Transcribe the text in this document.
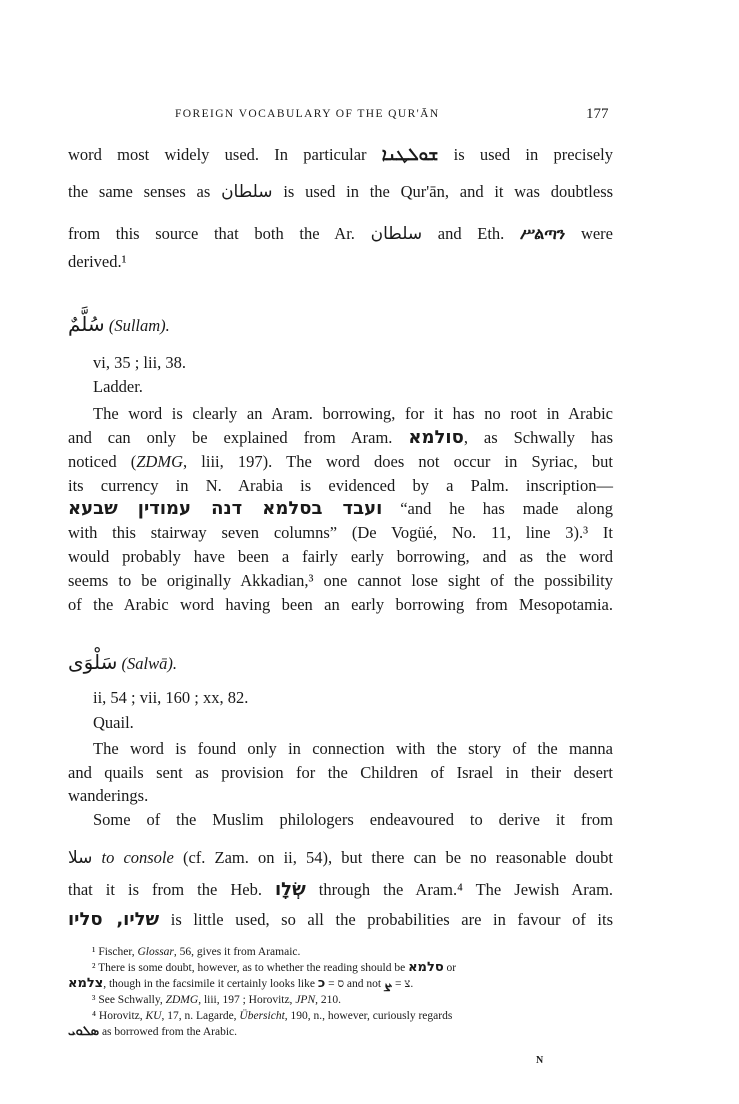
FOREIGN VOCABULARY OF THE QUR'ĀN	177
word most widely used. In particular ܫܘܠܛܢܐ is used in precisely
the same senses as سلطان is used in the Qur'ān, and it was doubtless
from this source that both the Ar. سلطان and Eth. ሥልጣን were
derived.¹
سُلَّمٌ (Sullam).
vi, 35 ; lii, 38.
Ladder.
The word is clearly an Aram. borrowing, for it has no root in Arabic
and can only be explained from Aram. סולמא, as Schwally has
noticed (ZDMG, liii, 197). The word does not occur in Syriac, but
its currency in N. Arabia is evidenced by a Palm. inscription—
ועבד בסלמא דנה עמודין שבעא “and he has made along
with this stairway seven columns” (De Vogüé, No. 11, line 3).³ It
would probably have been a fairly early borrowing, and as the word
seems to be originally Akkadian,³ one cannot lose sight of the possibility
of the Arabic word having been an early borrowing from Mesopotamia.
سَلْوَى (Salwā).
ii, 54 ; vii, 160 ; xx, 82.
Quail.
The word is found only in connection with the story of the manna
and quails sent as provision for the Children of Israel in their desert
wanderings.
Some of the Muslim philologers endeavoured to derive it from
سلا to console (cf. Zam. on ii, 54), but there can be no reasonable doubt
that it is from the Heb. שְׂלָו through the Aram.⁴ The Jewish Aram.
שליו, סליו is little used, so all the probabilities are in favour of its
¹ Fischer, Glossar, 56, gives it from Aramaic.
² There is some doubt, however, as to whether the reading should be סלמא or
צלמא, though in the facsimile it certainly looks like כ = ס and not ܨ = צ.
³ See Schwally, ZDMG, liii, 197 ; Horovitz, JPN, 210.
⁴ Horovitz, KU, 17, n. Lagarde, Übersicht, 190, n., however, curiously regards
ܣܠܘܝ as borrowed from the Arabic.
N
